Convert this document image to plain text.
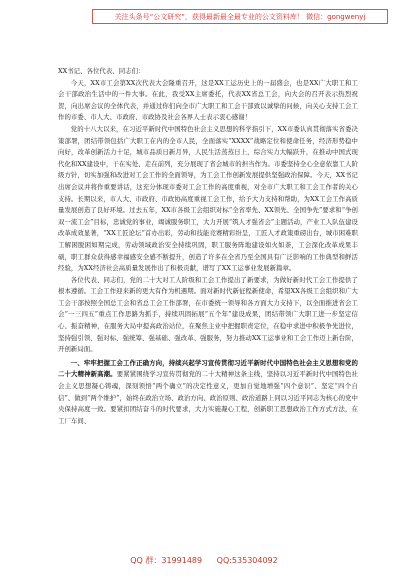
关注头条号“公文研究”，获得最新最全最专业的公文资料库！ 微信：gongwenyj

XX书记、各位代表、同志们：

今天，XX市工会第XX次代表大会隆重召开，这是XX工运历史上的一届盛会，也是XX广大职工和工会干部政治生活中的一件大事。在此，我受XX主席委托，代表XX省总工会，向大会的召开表示热烈祝贺，向出席会议的全体代表，并通过你们向全市广大职工和工会干部致以诚挚的问候，向关心支持工会工作的市委、市人大、市政府、市政协及社会各界人士表示衷心感谢！

党的十八大以来，在习近平新时代中国特色社会主义思想的科学指引下，XX市委认真贯彻落实省委决策部署，团结带领包括广大职工在内的全市人民，全面落实“XXXX”战略定位和使命任务，经济形势稳中向好，改革创新活力十足，城市品质日新月异，人民生活蒸蒸日上，综合实力大幅跃升，在推动中国式现代化和XX建设中，干在实处、走在前列，充分展现了省会城市的担当作为。市委坚持全心全意依靠工人阶级方针，切实加强和改进对工会工作的全面领导，为工会工作创新发展提供坚强政治保障。今天，XX书记出席会议并将作重要讲话，这充分体现市委对工会工作的高度重视，对全市广大职工和工会工作者的关心支持。长期以来，市人大、市政府、市政协高度重视工会工作，给予大力支持和帮助，为XX工会工作高质量发展创造了良好环境。过去五年，XX市各级工会组织对标“全省率先、XX领先、全国争先”要求和“争创双一流工会”目标，忠诚党的事业，竭诚服务职工，大力开展“筑人才强省会”主题活动，产业工人队伍建设改革成效显著，“XX工匠论坛”首办出彩，劳动和技能竞赛精彩纷呈，工匠人才政策重磅出台，城市困难职工解困脱困如期完成，劳动领域政治安全持续巩固，职工服务阵地建设如火如荼，工会深化改革成果丰硕，职工群众获得感幸福感安全感不断提升，创造了许多在全省乃至全国具有广泛影响的工作典型和鲜活经验，为XX经济社会高质量发展作出了积极贡献，谱写了XX工运事业发展新篇章。

各位代表、同志们，党的二十大对工人阶级和工会工作提出了新要求，为做好新时代工会工作提供了根本遵循。工会工作迎来新的更大有作为机遇期。面对新时代新征程新使命，希望XX各级工会组织和广大工会干部按照全国总工会和省总工会工作部署，在市委统一领导和各方面大力支持下，以全面推进省会工会“一三四五”重点工作思路为抓手，持续巩固拓展“五个年”建设成果，团结带领广大职工进一步坚定信心、振奋精神，在服务大局中提高政治站位，在聚焦主业中把握职责定位，在稳中求进中积极争先进位，坚持强引领、强对标、强统筹、强基础、强改革、强服务，努力推动XX工运事业和工会工作迈上新台阶，开创新局面。

一、牢牢把握工会工作正确方向，持续兴起学习宣传贯彻习近平新时代中国特色社会主义思想和党的二十大精神新高潮。要紧紧围绕学习宣传贯彻党的二十大精神这条主线，坚持以习近平新时代中国特色社会主义思想凝心铸魂，深刻领悟“两个确立”的决定性意义，更加自觉地增强“四个意识”、坚定“四个自信”、做到“两个维护”，始终在政治立场、政治方向、政治原则、政治道路上同以习近平同志为核心的党中央保持高度一致。要紧扣团结奋斗的时代要求，大力实施凝心工程，创新职工思想政治工作方式方法，在工厂车间、

QQ 群：31991489 QQ:535304092
